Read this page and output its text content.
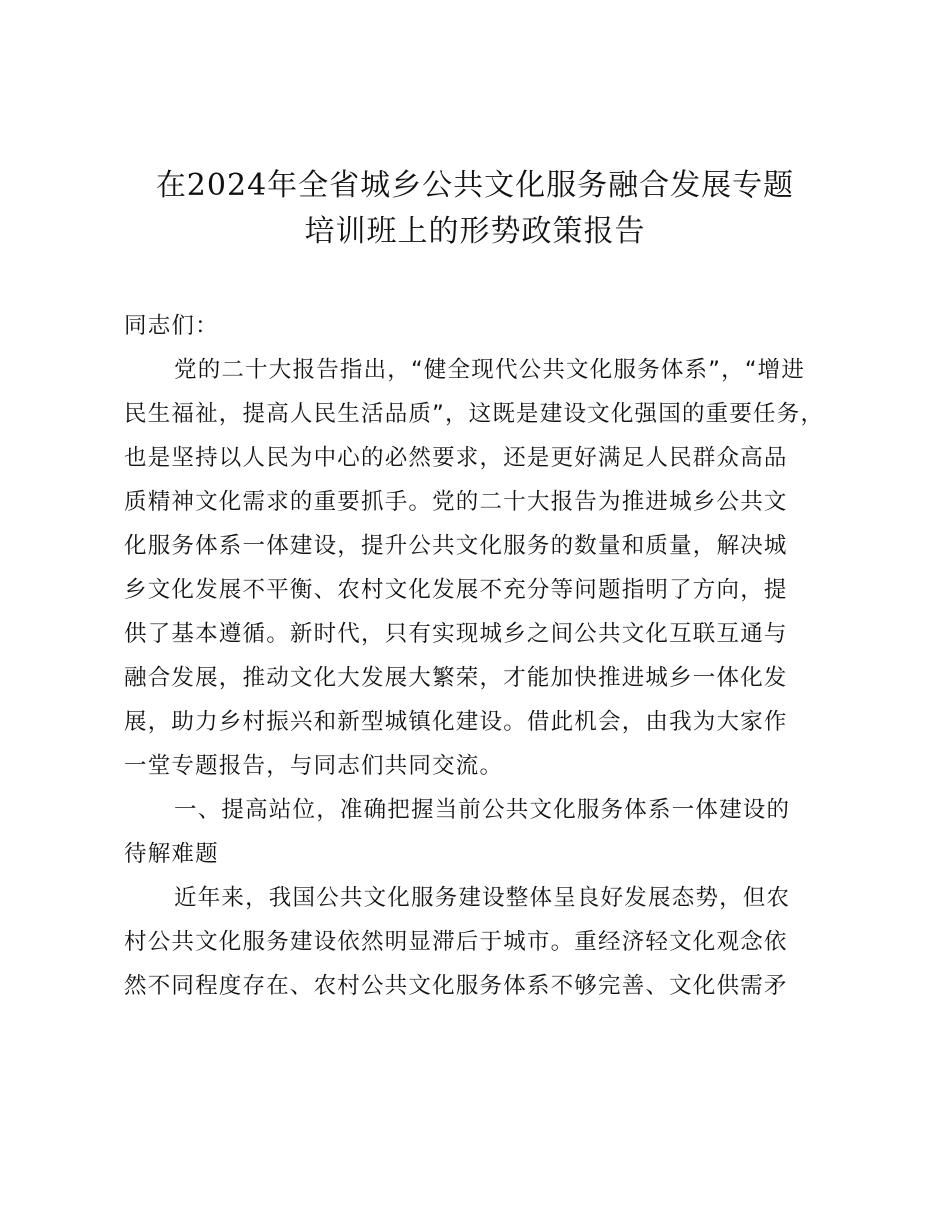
在2024年全省城乡公共文化服务融合发展专题
培训班上的形势政策报告
同志们：
党的二十大报告指出，“健全现代公共文化服务体系”，“增进
民生福祉，提高人民生活品质”，这既是建设文化强国的重要任务，
也是坚持以人民为中心的必然要求，还是更好满足人民群众高品
质精神文化需求的重要抓手。党的二十大报告为推进城乡公共文
化服务体系一体建设，提升公共文化服务的数量和质量，解决城
乡文化发展不平衡、农村文化发展不充分等问题指明了方向，提
供了基本遵循。新时代，只有实现城乡之间公共文化互联互通与
融合发展，推动文化大发展大繁荣，才能加快推进城乡一体化发
展，助力乡村振兴和新型城镇化建设。借此机会，由我为大家作
一堂专题报告，与同志们共同交流。
一、提高站位，准确把握当前公共文化服务体系一体建设的
待解难题
近年来，我国公共文化服务建设整体呈良好发展态势，但农
村公共文化服务建设依然明显滞后于城市。重经济轻文化观念依
然不同程度存在、农村公共文化服务体系不够完善、文化供需矛
